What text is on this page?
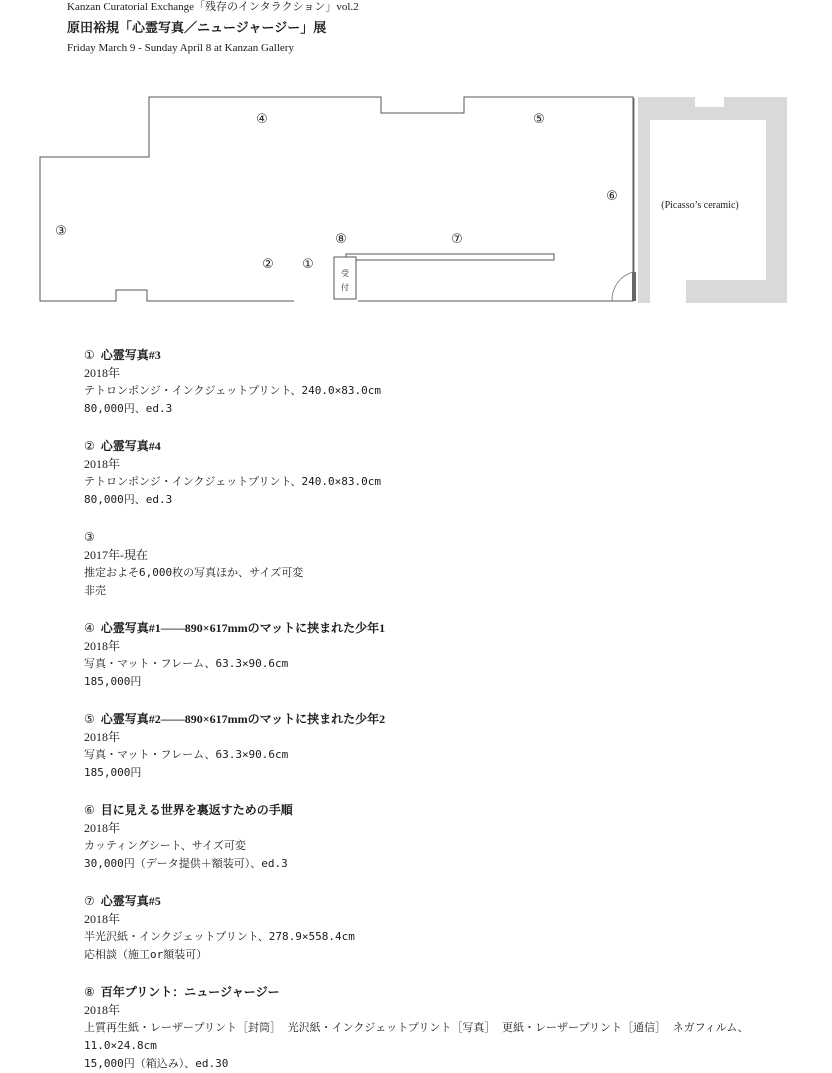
Kanzan Curatorial Exchange「残存のインタラクション」vol.2
原田裕規「心霊写真／ニュージャージー」展
Friday March 9 - Sunday April 8 at Kanzan Gallery
受
付
①
②
③
④	⑤
⑥
⑦
⑧
(Picasso’s ceramic)
① 心霊写真#3
2018年
テトロンポンジ・インクジェットプリント、240.0×83.0cm
80,000円、ed.3
② 心霊写真#4
2018年
テトロンポンジ・インクジェットプリント、240.0×83.0cm
80,000円、ed.3
③
2017年-現在
推定およそ6,000枚の写真ほか、サイズ可変
非売
④ 心霊写真#1——890×617mmのマットに挟まれた少年1
2018年
写真・マット・フレーム、63.3×90.6cm
185,000円
⑤ 心霊写真#2——890×617mmのマットに挟まれた少年2
2018年
写真・マット・フレーム、63.3×90.6cm
185,000円
⑥ 目に見える世界を裏返すための手順
2018年
カッティングシート、サイズ可変
30,000円（データ提供＋額装可）、ed.3
⑦ 心霊写真#5
2018年
半光沢紙・インクジェットプリント、278.9×558.4cm
応相談（施工or額装可）
⑧ 百年プリント：ニュージャージー
2018年
上質再生紙・レーザープリント［封筒］ 光沢紙・インクジェットプリント［写真］ 更紙・レーザープリント［通信］ ネガフィルム、11.0×24.8cm
15,000円（箱込み）、ed.30
